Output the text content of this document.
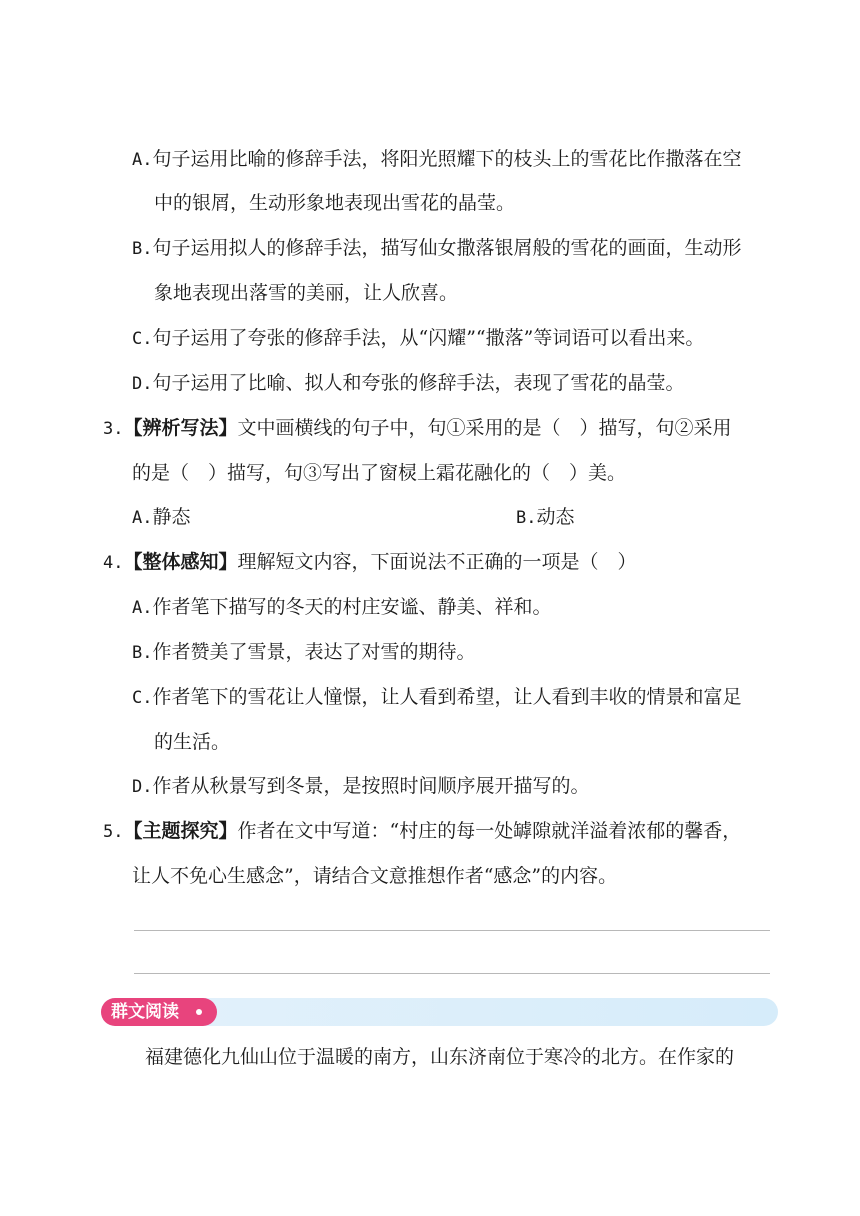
A.句子运用比喻的修辞手法，将阳光照耀下的枝头上的雪花比作撒落在空
中的银屑，生动形象地表现出雪花的晶莹。
B.句子运用拟人的修辞手法，描写仙女撒落银屑般的雪花的画面，生动形
象地表现出落雪的美丽，让人欣喜。
C.句子运用了夸张的修辞手法，从“闪耀”“撒落”等词语可以看出来。
D.句子运用了比喻、拟人和夸张的修辞手法，表现了雪花的晶莹。
3.【辨析写法】文中画横线的句子中，句①采用的是（　）描写，句②采用
的是（　）描写，句③写出了窗棂上霜花融化的（　）美。
A.静态	B.动态
4.【整体感知】理解短文内容，下面说法不正确的一项是（　）
A.作者笔下描写的冬天的村庄安谧、静美、祥和。
B.作者赞美了雪景，表达了对雪的期待。
C.作者笔下的雪花让人憧憬，让人看到希望，让人看到丰收的情景和富足
的生活。
D.作者从秋景写到冬景，是按照时间顺序展开描写的。
5.【主题探究】作者在文中写道：“村庄的每一处罅隙就洋溢着浓郁的馨香，
让人不免心生感念”，请结合文意推想作者“感念”的内容。
群文阅读
福建德化九仙山位于温暖的南方，山东济南位于寒冷的北方。在作家的
